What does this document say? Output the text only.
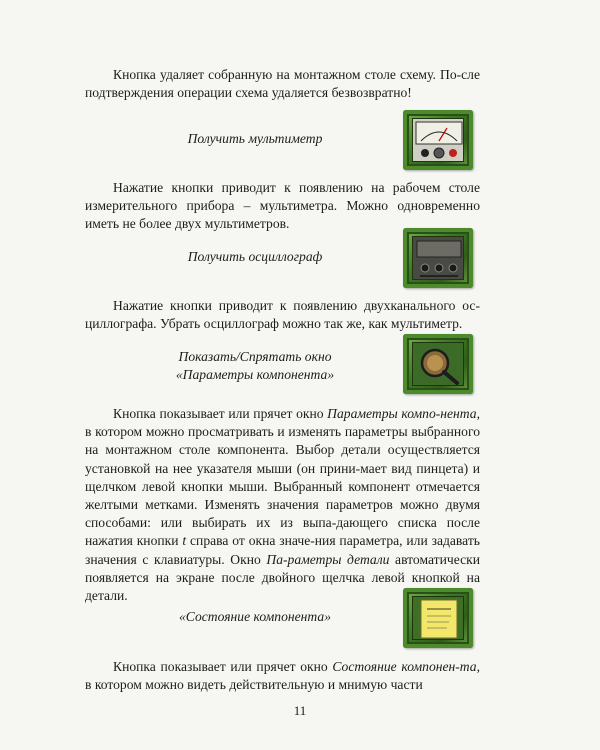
Кнопка удаляет собранную на монтажном столе схему. По-сле подтверждения операции схема удаляется безвозвратно!
Получить мультиметр
Нажатие кнопки приводит к появлению на рабочем столе измерительного прибора – мультиметра. Можно одновременно иметь не более двух мультиметров.
Получить осциллограф
Нажатие кнопки приводит к появлению двухканального ос-циллографа. Убрать осциллограф можно так же, как мультиметр.
Показать/Спрятать окно
«Параметры компонента»
Кнопка показывает или прячет окно Параметры компо-нента, в котором можно просматривать и изменять параметры выбранного на монтажном столе компонента. Выбор детали осуществляется установкой на нее указателя мыши (он прини-мает вид пинцета) и щелчком левой кнопки мыши. Выбранный компонент отмечается желтыми метками. Изменять значения параметров можно двумя способами: или выбирать их из выпа-дающего списка после нажатия кнопки t справа от окна значе-ния параметра, или задавать значения с клавиатуры. Окно Па-раметры детали автоматически появляется на экране после двойного щелчка левой кнопкой на детали.
«Состояние компонента»
Кнопка показывает или прячет окно Состояние компонен-та, в котором можно видеть действительную и мнимую части
11
